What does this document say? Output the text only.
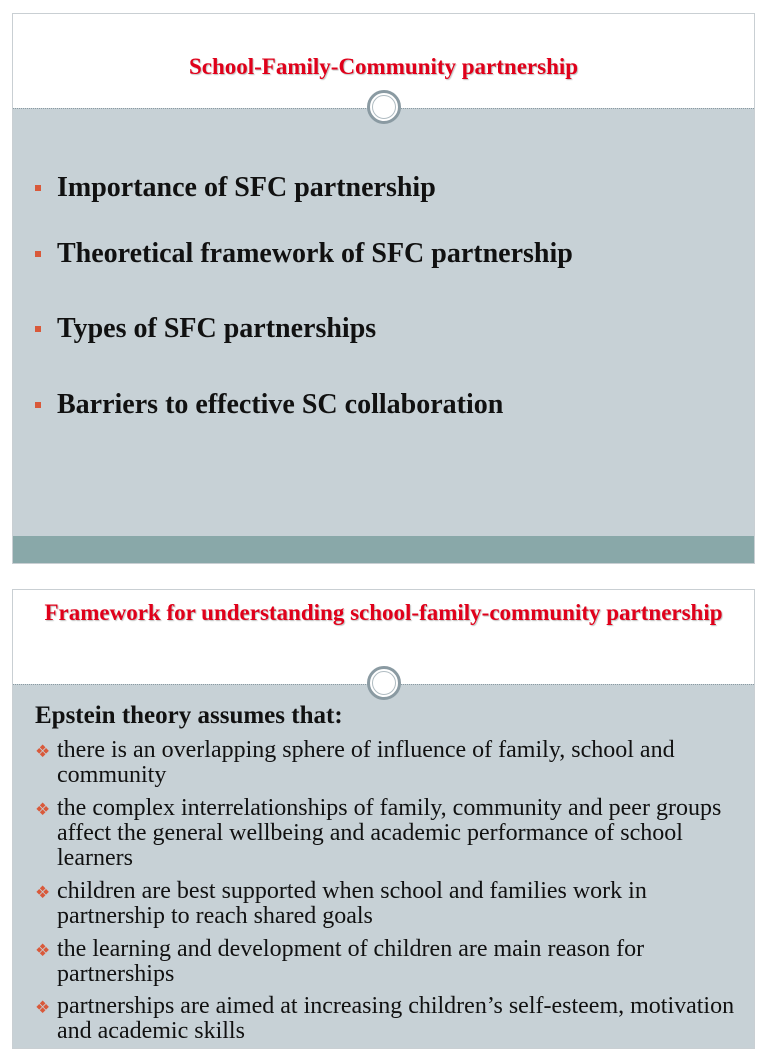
School-Family-Community partnership
Importance of SFC partnership
Theoretical framework of SFC partnership
Types of SFC partnerships
Barriers to effective SC collaboration
Framework for understanding school-family-community partnership
Epstein theory assumes that:
❖ there is an overlapping sphere of influence of family, school and community
❖ the complex interrelationships of family, community and peer groups affect the general wellbeing and academic performance of school learners
❖ children are best supported when school and families work in partnership to reach shared goals
❖ the learning and development of children are main reason for partnerships
❖ partnerships are aimed at increasing children’s self-esteem, motivation and academic skills
